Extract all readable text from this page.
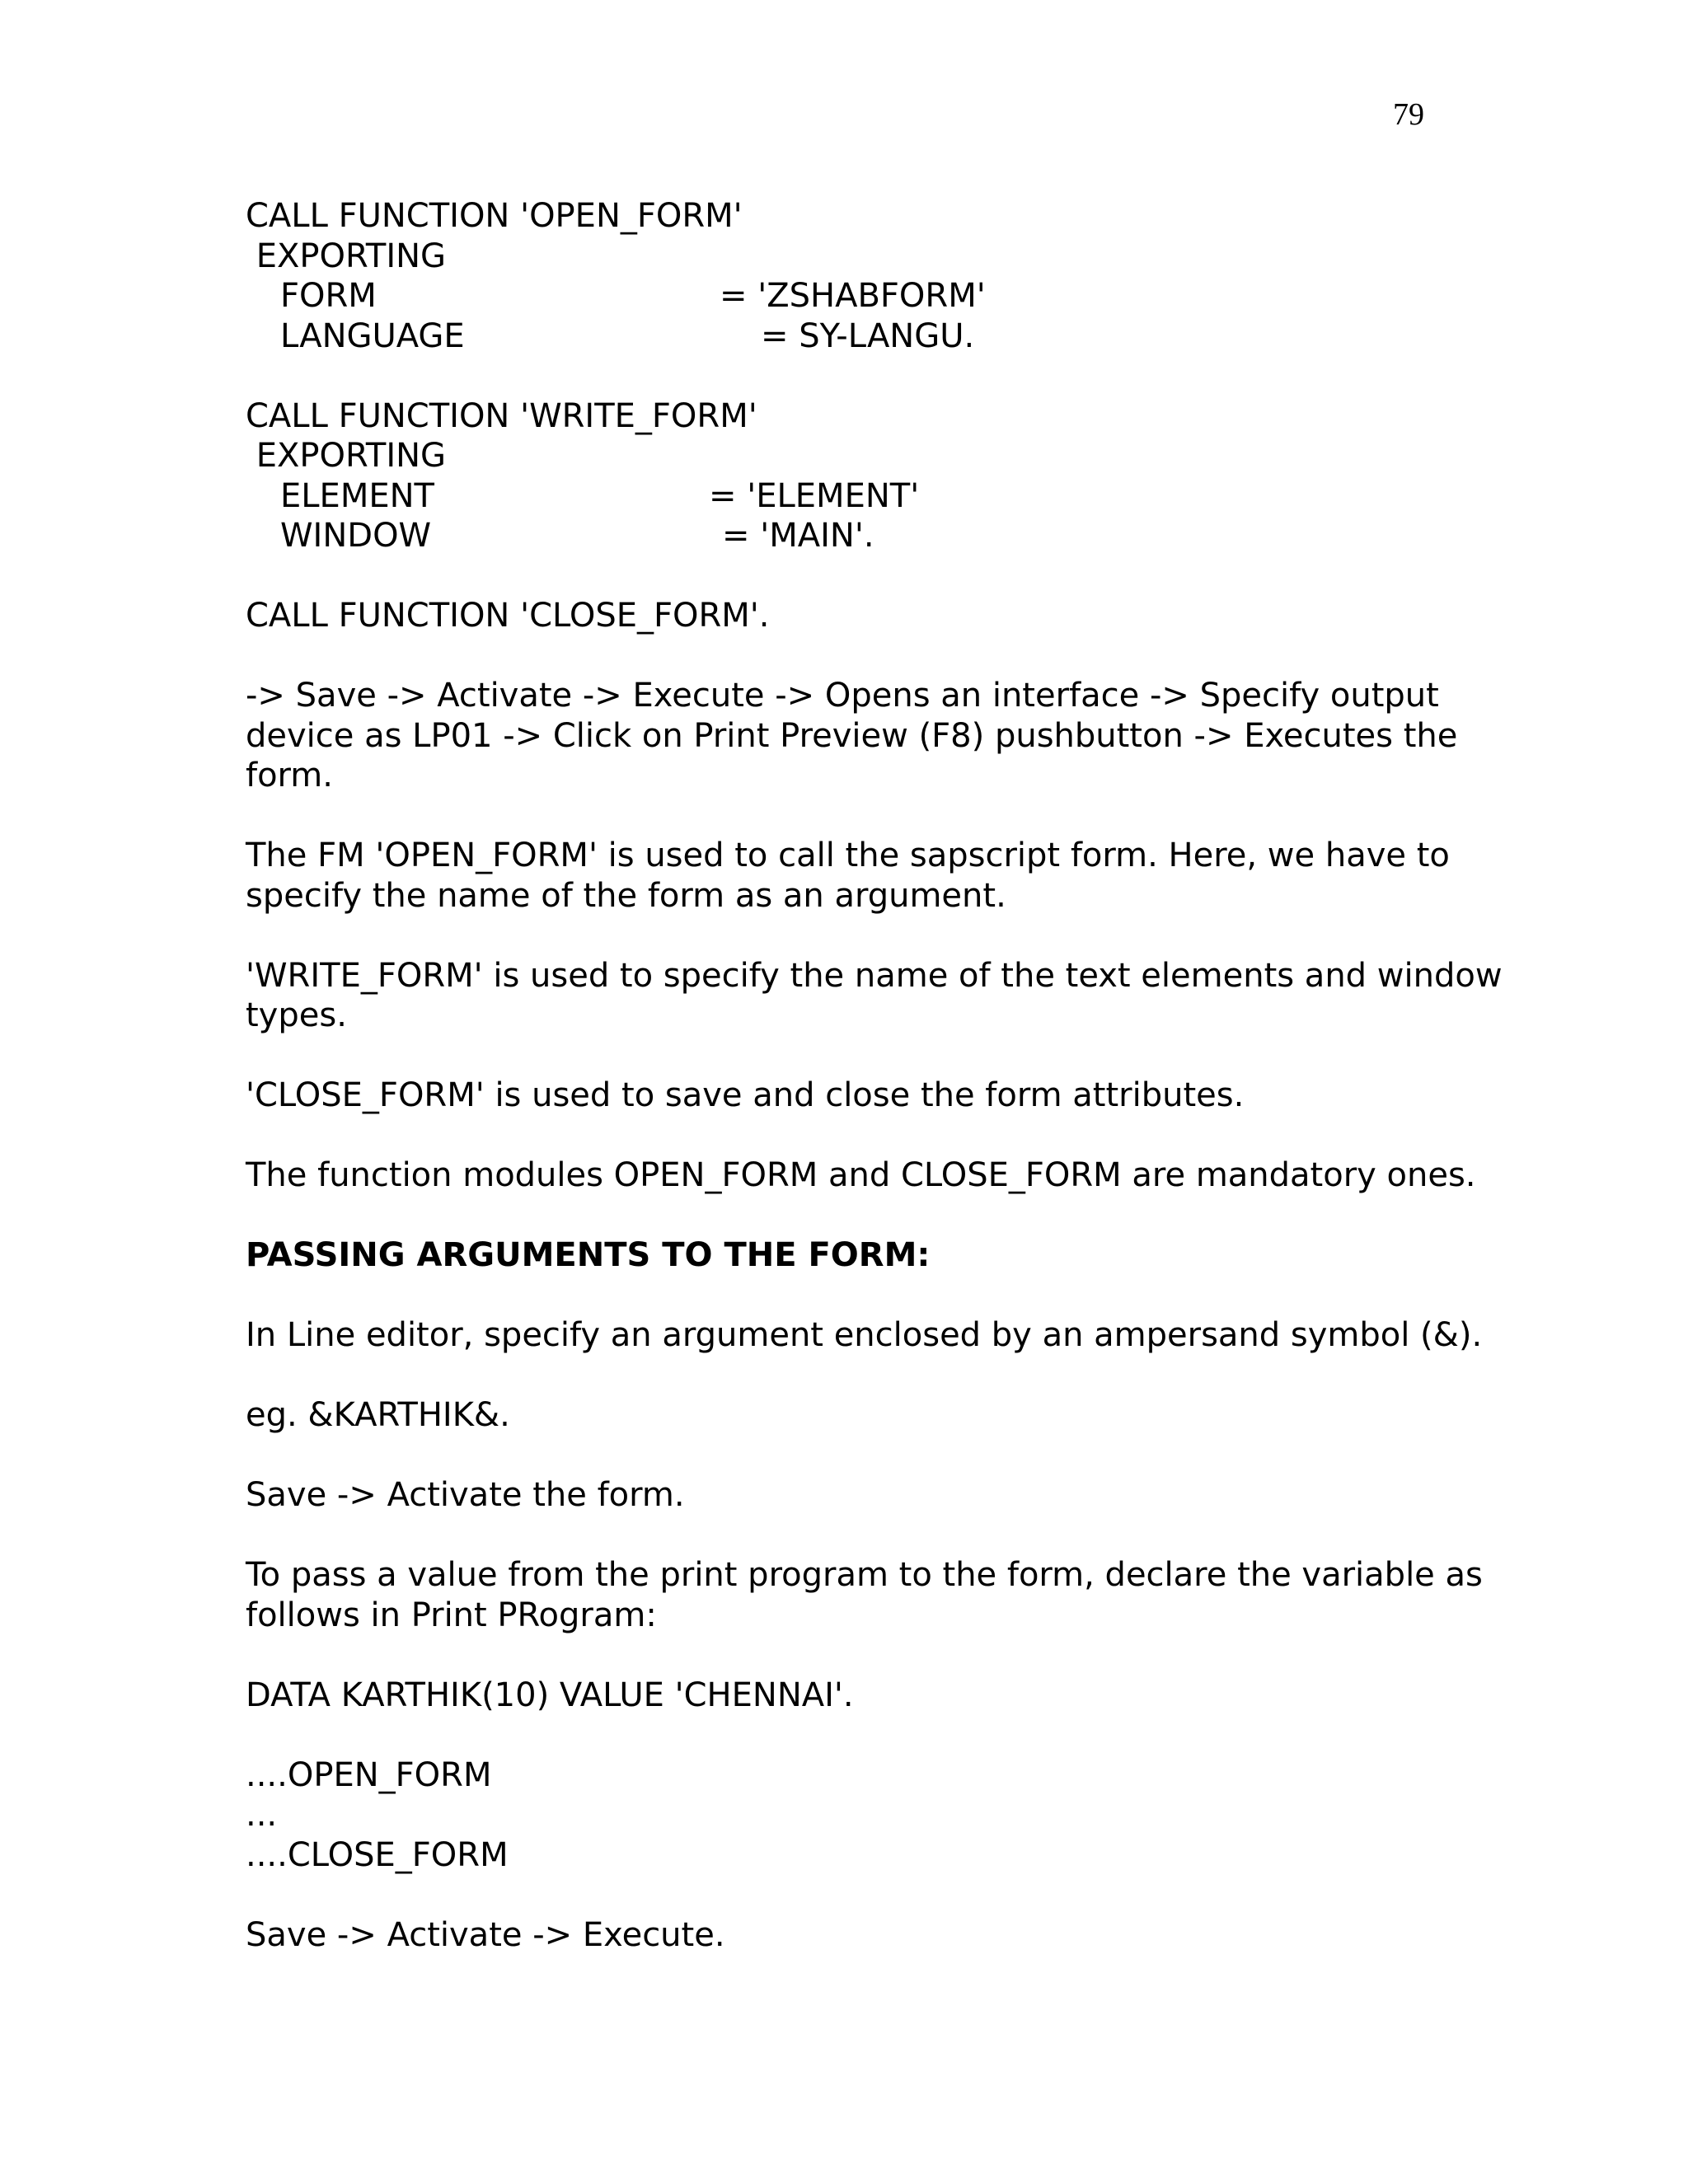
79
CALL FUNCTION 'OPEN_FORM'
EXPORTING

FORM

	= 'ZSHABFORM'

LANGUAGE

	= SY-LANGU.

CALL FUNCTION 'WRITE_FORM'
EXPORTING

ELEMENT

	= 'ELEMENT'

WINDOW

	= 'MAIN'.

CALL FUNCTION 'CLOSE_FORM'.
-> Save -> Activate -> Execute -> Opens an interface -> Specify output
device as LP01 -> Click on Print Preview (F8) pushbutton -> Executes the
form.
The FM 'OPEN_FORM' is used to call the sapscript form. Here, we have to
specify the name of the form as an argument.
'WRITE_FORM' is used to specify the name of the text elements and window
types.
'CLOSE_FORM' is used to save and close the form attributes.
The function modules OPEN_FORM and CLOSE_FORM are mandatory ones.
PASSING ARGUMENTS TO THE FORM:
In Line editor, specify an argument enclosed by an ampersand symbol (&).
eg. &KARTHIK&.
Save -> Activate the form.
To pass a value from the print program to the form, declare the variable as
follows in Print PRogram:
DATA KARTHIK(10) VALUE 'CHENNAI'.
....OPEN_FORM
...
....CLOSE_FORM
Save -> Activate -> Execute.
